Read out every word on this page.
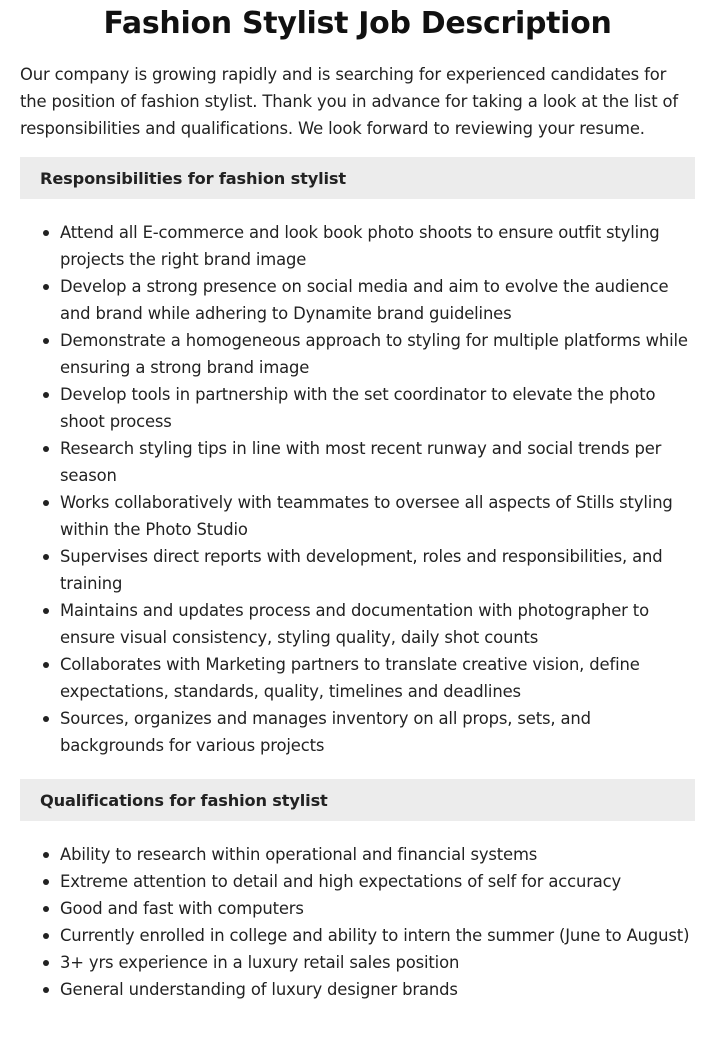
Fashion Stylist Job Description

Our company is growing rapidly and is searching for experienced candidates for the position of fashion stylist. Thank you in advance for taking a look at the list of responsibilities and qualifications. We look forward to reviewing your resume.

Responsibilities for fashion stylist
Attend all E-commerce and look book photo shoots to ensure outfit styling projects the right brand image
Develop a strong presence on social media and aim to evolve the audience and brand while adhering to Dynamite brand guidelines
Demonstrate a homogeneous approach to styling for multiple platforms while ensuring a strong brand image
Develop tools in partnership with the set coordinator to elevate the photo shoot process
Research styling tips in line with most recent runway and social trends per season
Works collaboratively with teammates to oversee all aspects of Stills styling within the Photo Studio
Supervises direct reports with development, roles and responsibilities, and training
Maintains and updates process and documentation with photographer to ensure visual consistency, styling quality, daily shot counts
Collaborates with Marketing partners to translate creative vision, define expectations, standards, quality, timelines and deadlines
Sources, organizes and manages inventory on all props, sets, and backgrounds for various projects
Qualifications for fashion stylist
Ability to research within operational and financial systems
Extreme attention to detail and high expectations of self for accuracy
Good and fast with computers
Currently enrolled in college and ability to intern the summer (June to August)
3+ yrs experience in a luxury retail sales position
General understanding of luxury designer brands
